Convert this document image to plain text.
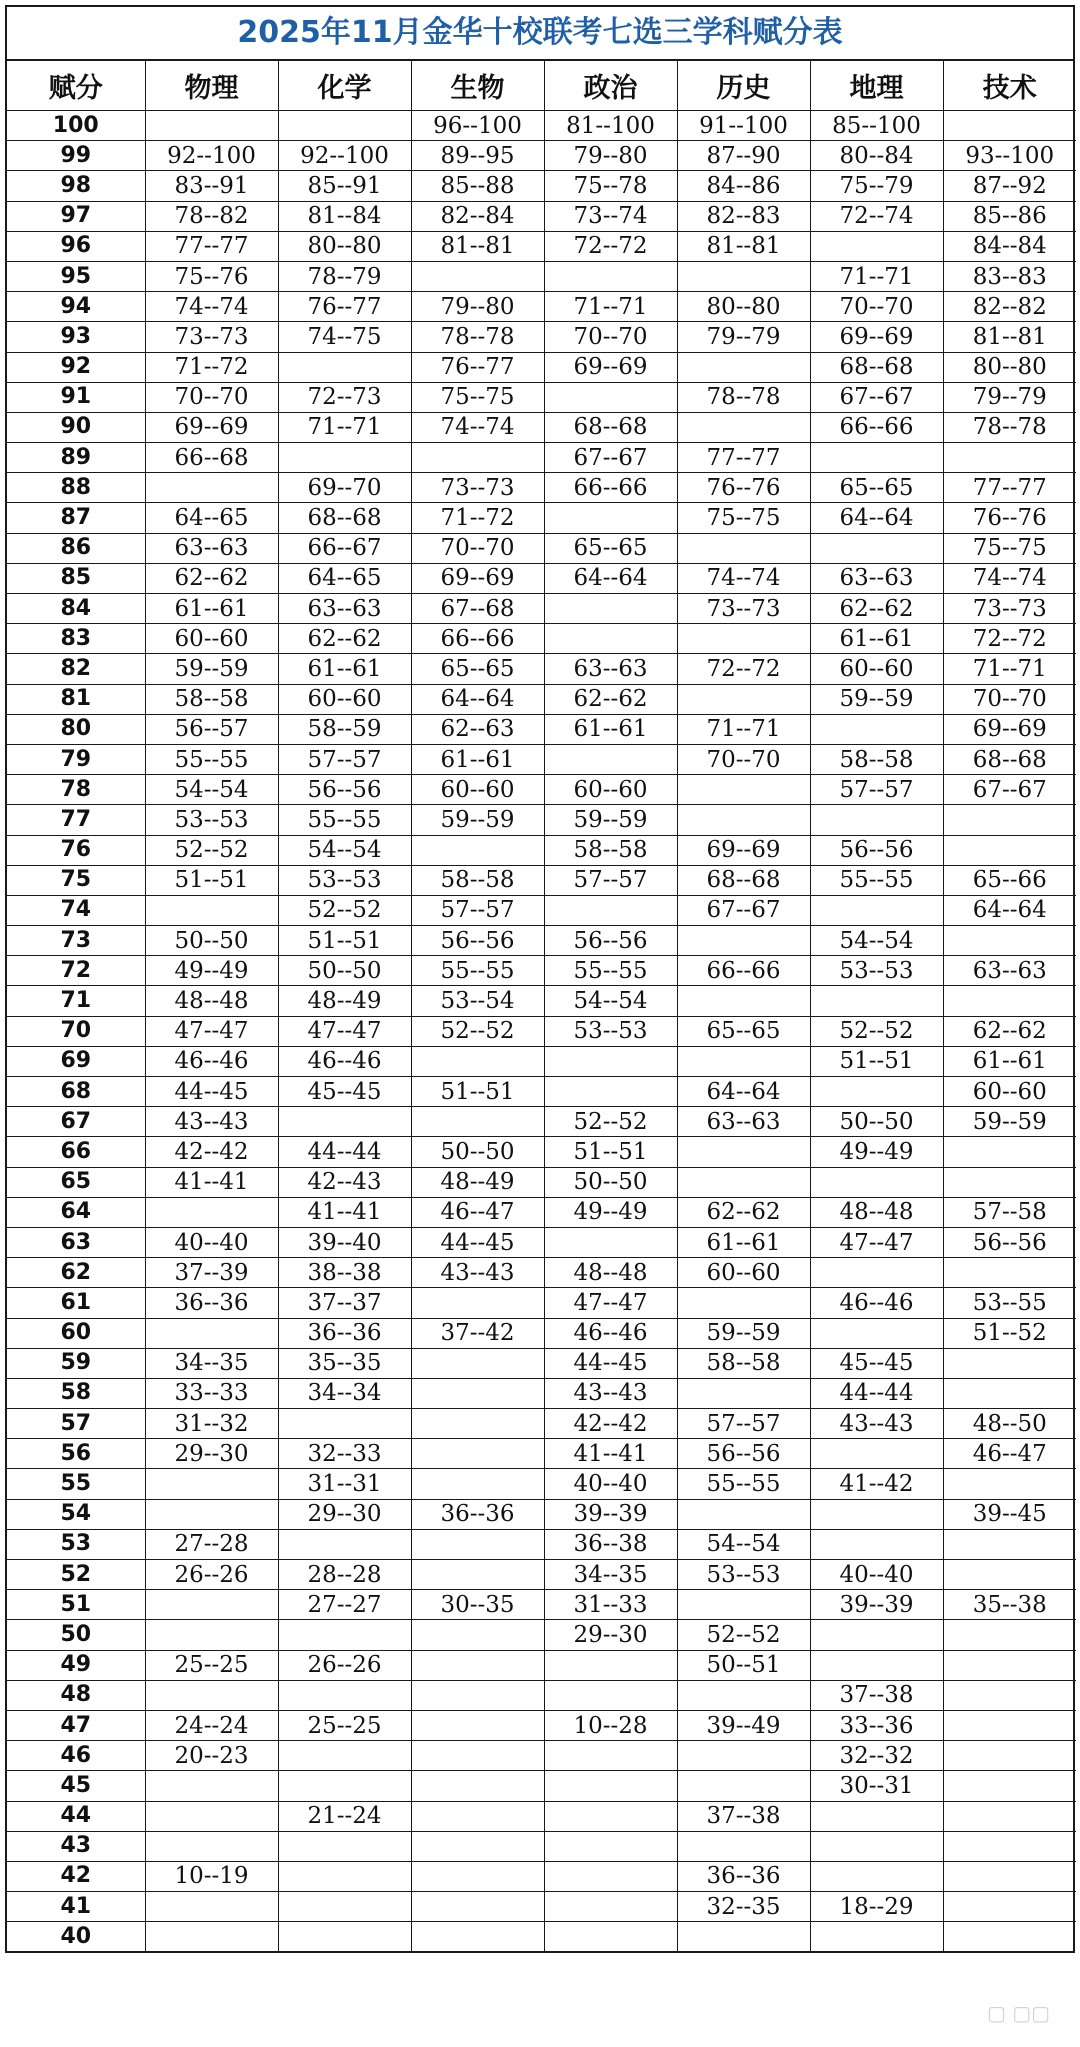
2025年11月金华十校联考七选三学科赋分表
赋分	物理	化学	生物	政治	历史	地理	技术
100			96--100	81--100	91--100	85--100	
99	92--100	92--100	89--95	79--80	87--90	80--84	93--100
98	83--91	85--91	85--88	75--78	84--86	75--79	87--92
97	78--82	81--84	82--84	73--74	82--83	72--74	85--86
96	77--77	80--80	81--81	72--72	81--81		84--84
95	75--76	78--79				71--71	83--83
94	74--74	76--77	79--80	71--71	80--80	70--70	82--82
93	73--73	74--75	78--78	70--70	79--79	69--69	81--81
92	71--72		76--77	69--69		68--68	80--80
91	70--70	72--73	75--75		78--78	67--67	79--79
90	69--69	71--71	74--74	68--68		66--66	78--78
89	66--68			67--67	77--77		
88		69--70	73--73	66--66	76--76	65--65	77--77
87	64--65	68--68	71--72		75--75	64--64	76--76
86	63--63	66--67	70--70	65--65			75--75
85	62--62	64--65	69--69	64--64	74--74	63--63	74--74
84	61--61	63--63	67--68		73--73	62--62	73--73
83	60--60	62--62	66--66			61--61	72--72
82	59--59	61--61	65--65	63--63	72--72	60--60	71--71
81	58--58	60--60	64--64	62--62		59--59	70--70
80	56--57	58--59	62--63	61--61	71--71		69--69
79	55--55	57--57	61--61		70--70	58--58	68--68
78	54--54	56--56	60--60	60--60		57--57	67--67
77	53--53	55--55	59--59	59--59			
76	52--52	54--54		58--58	69--69	56--56	
75	51--51	53--53	58--58	57--57	68--68	55--55	65--66
74		52--52	57--57		67--67		64--64
73	50--50	51--51	56--56	56--56		54--54	
72	49--49	50--50	55--55	55--55	66--66	53--53	63--63
71	48--48	48--49	53--54	54--54			
70	47--47	47--47	52--52	53--53	65--65	52--52	62--62
69	46--46	46--46				51--51	61--61
68	44--45	45--45	51--51		64--64		60--60
67	43--43			52--52	63--63	50--50	59--59
66	42--42	44--44	50--50	51--51		49--49	
65	41--41	42--43	48--49	50--50			
64		41--41	46--47	49--49	62--62	48--48	57--58
63	40--40	39--40	44--45		61--61	47--47	56--56
62	37--39	38--38	43--43	48--48	60--60		
61	36--36	37--37		47--47		46--46	53--55
60		36--36	37--42	46--46	59--59		51--52
59	34--35	35--35		44--45	58--58	45--45	
58	33--33	34--34		43--43		44--44	
57	31--32			42--42	57--57	43--43	48--50
56	29--30	32--33		41--41	56--56		46--47
55		31--31		40--40	55--55	41--42	
54		29--30	36--36	39--39			39--45
53	27--28			36--38	54--54		
52	26--26	28--28		34--35	53--53	40--40	
51		27--27	30--35	31--33		39--39	35--38
50				29--30	52--52		
49	25--25	26--26			50--51		
48						37--38	
47	24--24	25--25		10--28	39--49	33--36	
46	20--23					32--32	
45						30--31	
44		21--24			37--38		
43							
42	10--19				36--36		
41					32--35	18--29	
40							
▢ ▢▢
